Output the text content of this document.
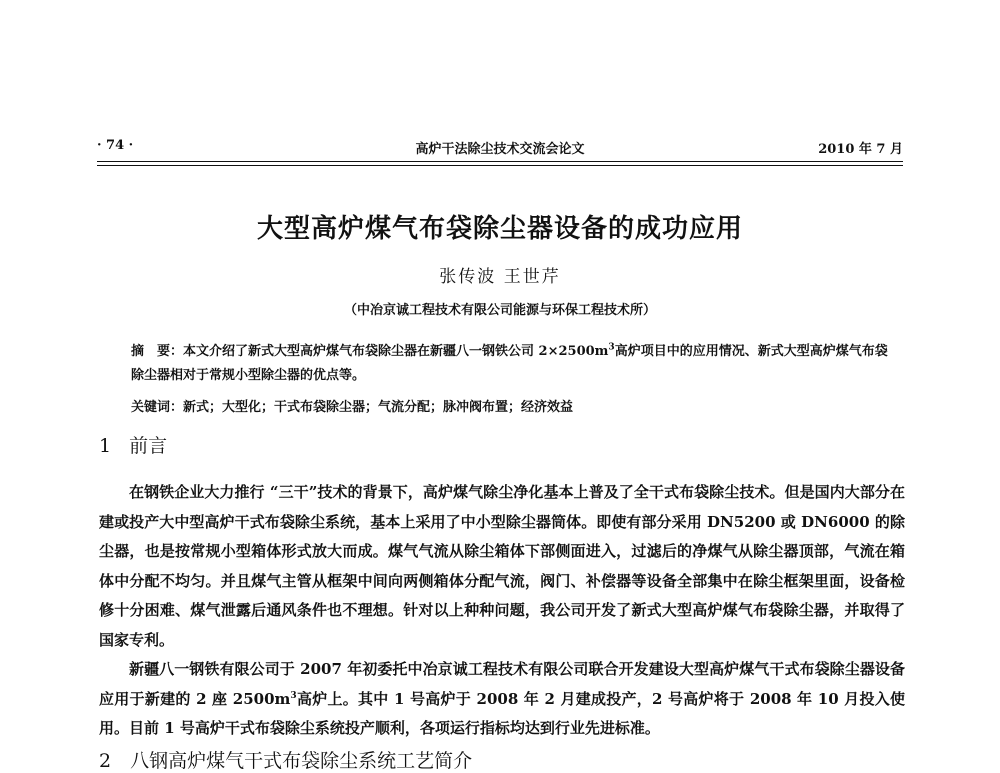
· 74 ·	高炉干法除尘技术交流会论文	2010 年 7 月
大型高炉煤气布袋除尘器设备的成功应用
张传波 王世芹
（中冶京诚工程技术有限公司能源与环保工程技术所）
摘　要：本文介绍了新式大型高炉煤气布袋除尘器在新疆八一钢铁公司 $2\times 2500m^3$高炉项目中的应用情况、新式大型高炉煤气布袋除尘器相对于常规小型除尘器的优点等。
关键词：新式；大型化；干式布袋除尘器；气流分配；脉冲阀布置；经济效益
1 前言

在钢铁企业大力推行 “三干”技术的背景下，高炉煤气除尘净化基本上普及了全干式布袋除尘技术。但是国内大部分在建或投产大中型高炉干式布袋除尘系统，基本上采用了中小型除尘器筒体。即使有部分采用 DN5200 或 DN6000 的除尘器，也是按常规小型箱体形式放大而成。煤气气流从除尘箱体下部侧面进入，过滤后的净煤气从除尘器顶部，气流在箱体中分配不均匀。并且煤气主管从框架中间向两侧箱体分配气流，阀门、补偿器等设备全部集中在除尘框架里面，设备检修十分困难、煤气泄露后通风条件也不理想。针对以上种种问题，我公司开发了新式大型高炉煤气布袋除尘器，并取得了国家专利。

新疆八一钢铁有限公司于 2007 年初委托中冶京诚工程技术有限公司联合开发建设大型高炉煤气干式布袋除尘器设备应用于新建的 2 座 $2500m^3$高炉上。其中 1 号高炉于 2008 年 2 月建成投产，2 号高炉将于 2008 年 10 月投入使用。目前 1 号高炉干式布袋除尘系统投产顺利，各项运行指标均达到行业先进标准。

2　八钢高炉煤气干式布袋除尘系统工艺简介
